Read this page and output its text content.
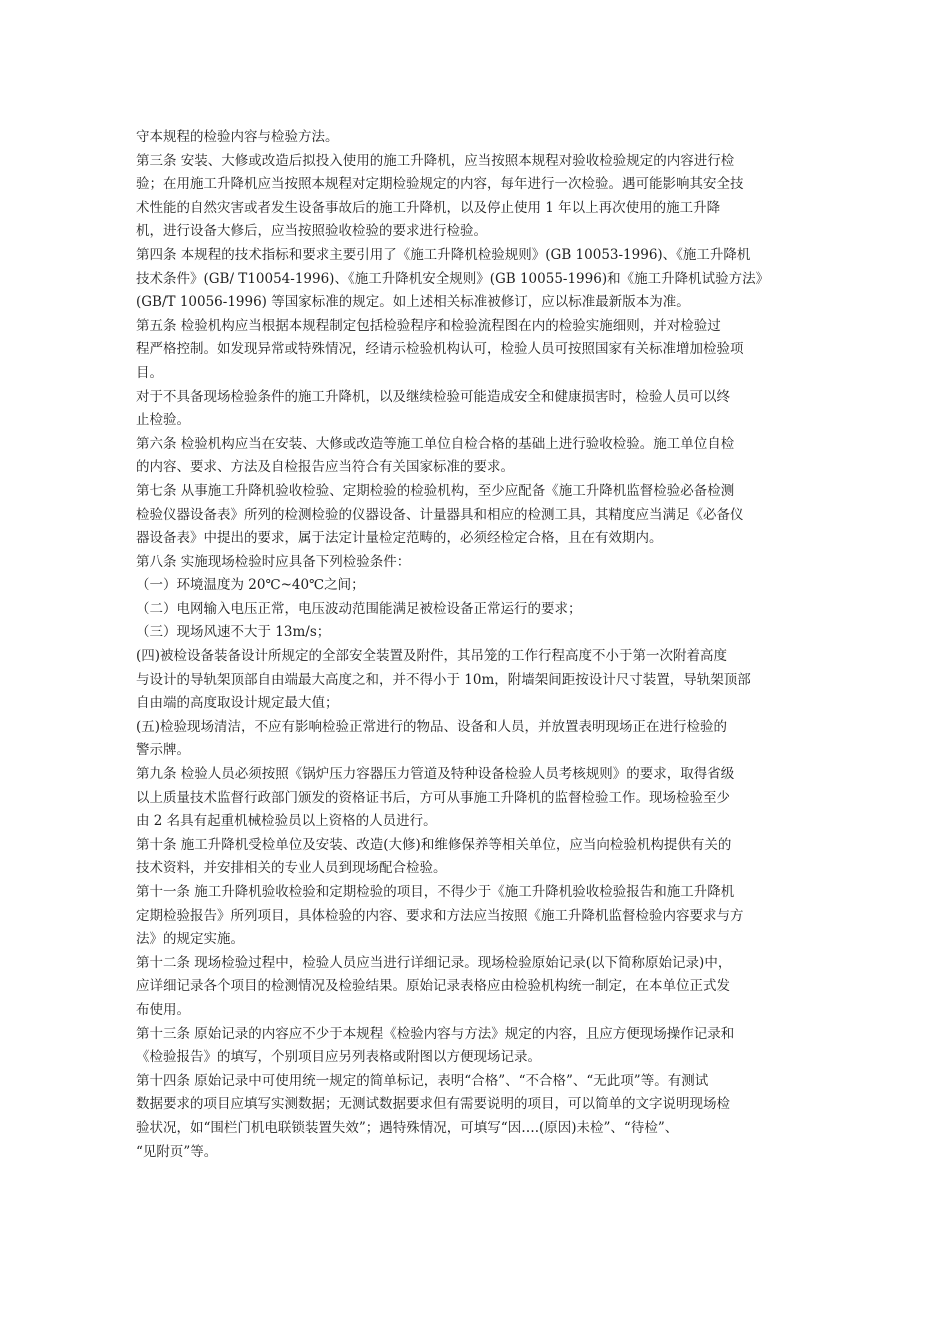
守本规程的检验内容与检验方法。
第三条 安装、大修或改造后拟投入使用的施工升降机，应当按照本规程对验收检验规定的内容进行检
验；在用施工升降机应当按照本规程对定期检验规定的内容，每年进行一次检验。遇可能影响其安全技
术性能的自然灾害或者发生设备事故后的施工升降机，以及停止使用 1 年以上再次使用的施工升降
机，进行设备大修后，应当按照验收检验的要求进行检验。
第四条 本规程的技术指标和要求主要引用了《施工升降机检验规则》(GB 10053-1996)、《施工升降机
技术条件》(GB/ T10054-1996)、《施工升降机安全规则》(GB 10055-1996)和《施工升降机试验方法》
(GB/T 10056-1996) 等国家标准的规定。如上述相关标准被修订，应以标准最新版本为准。
第五条 检验机构应当根据本规程制定包括检验程序和检验流程图在内的检验实施细则，并对检验过
程严格控制。如发现异常或特殊情况，经请示检验机构认可，检验人员可按照国家有关标准增加检验项
目。
对于不具备现场检验条件的施工升降机，以及继续检验可能造成安全和健康损害时，检验人员可以终
止检验。
第六条 检验机构应当在安装、大修或改造等施工单位自检合格的基础上进行验收检验。施工单位自检
的内容、要求、方法及自检报告应当符合有关国家标准的要求。
第七条 从事施工升降机验收检验、定期检验的检验机构，至少应配备《施工升降机监督检验必备检测
检验仪器设备表》所列的检测检验的仪器设备、计量器具和相应的检测工具，其精度应当满足《必备仪
器设备表》中提出的要求，属于法定计量检定范畴的，必须经检定合格，且在有效期内。
第八条 实施现场检验时应具备下列检验条件：
（一）环境温度为 20℃~40℃之间；
（二）电网输入电压正常，电压波动范围能满足被检设备正常运行的要求；
（三）现场风速不大于 13m/s；
(四)被检设备装备设计所规定的全部安全装置及附件，其吊笼的工作行程高度不小于第一次附着高度
与设计的导轨架顶部自由端最大高度之和，并不得小于 10m，附墙架间距按设计尺寸装置，导轨架顶部
自由端的高度取设计规定最大值；
(五)检验现场清洁，不应有影响检验正常进行的物品、设备和人员，并放置表明现场正在进行检验的
警示牌。
第九条 检验人员必须按照《锅炉压力容器压力管道及特种设备检验人员考核规则》的要求，取得省级
以上质量技术监督行政部门颁发的资格证书后，方可从事施工升降机的监督检验工作。现场检验至少
由 2 名具有起重机械检验员以上资格的人员进行。
第十条 施工升降机受检单位及安装、改造(大修)和维修保养等相关单位，应当向检验机构提供有关的
技术资料，并安排相关的专业人员到现场配合检验。
第十一条 施工升降机验收检验和定期检验的项目，不得少于《施工升降机验收检验报告和施工升降机
定期检验报告》所列项目，具体检验的内容、要求和方法应当按照《施工升降机监督检验内容要求与方
法》的规定实施。
第十二条 现场检验过程中，检验人员应当进行详细记录。现场检验原始记录(以下简称原始记录)中，
应详细记录各个项目的检测情况及检验结果。原始记录表格应由检验机构统一制定，在本单位正式发
布使用。
第十三条 原始记录的内容应不少于本规程《检验内容与方法》规定的内容，且应方便现场操作记录和
《检验报告》的填写，个别项目应另列表格或附图以方便现场记录。
第十四条 原始记录中可使用统一规定的简单标记，表明“合格”、“不合格”、“无此项”等。有测试
数据要求的项目应填写实测数据；无测试数据要求但有需要说明的项目，可以简单的文字说明现场检
验状况，如“围栏门机电联锁装置失效”；遇特殊情况，可填写“因….(原因)未检”、“待检”、
“见附页”等。
